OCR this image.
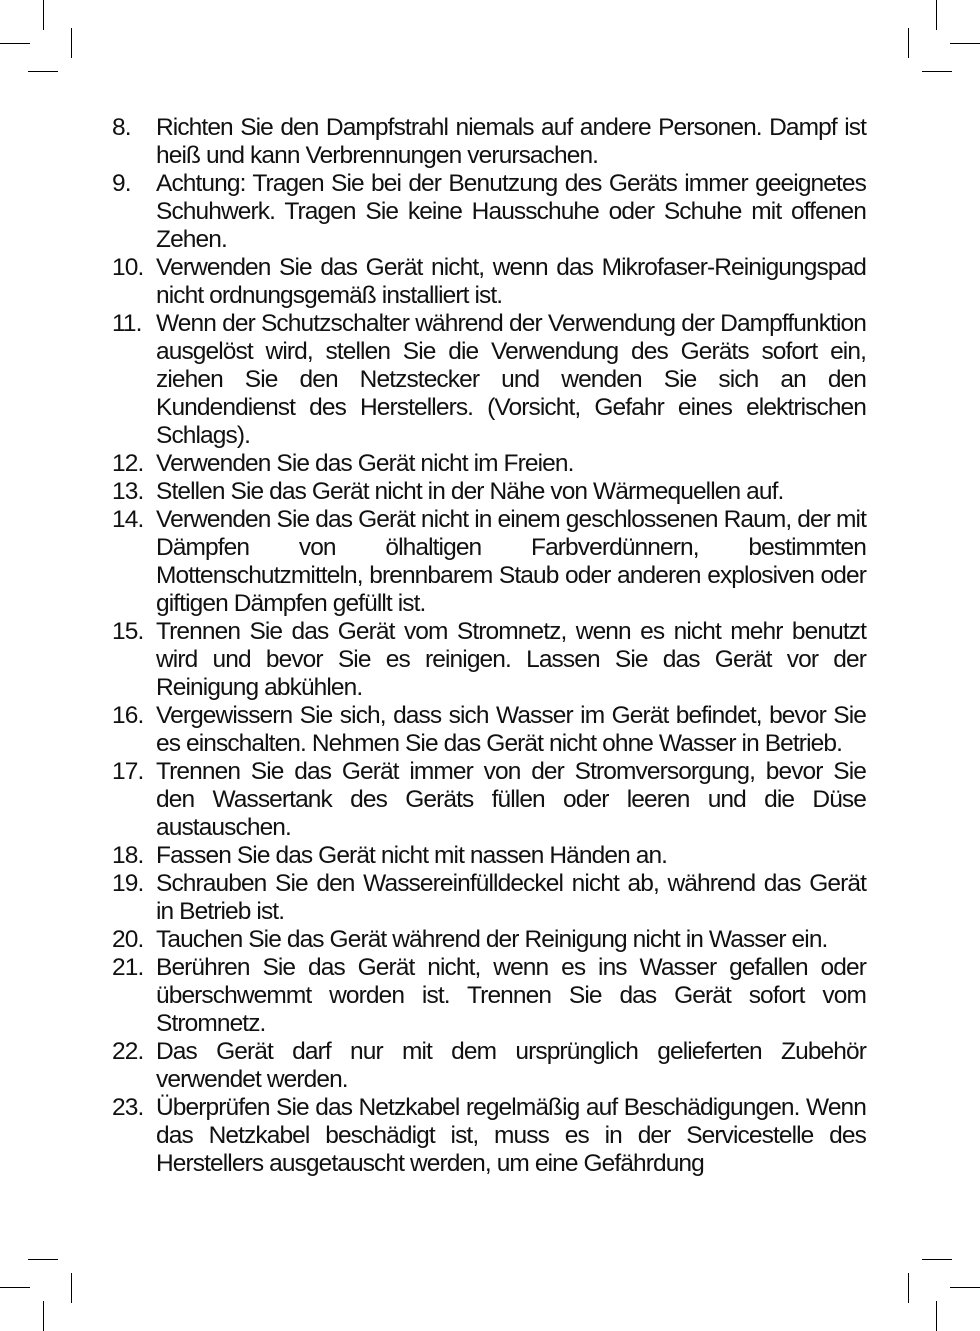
8.	Richten Sie den Dampfstrahl niemals auf andere Personen. Dampf ist heiß und kann Verbrennungen verursachen.
9.	Achtung: Tragen Sie bei der Benutzung des Geräts immer geeignetes Schuhwerk. Tragen Sie keine Hausschuhe oder Schuhe mit offenen Zehen.
10. Verwenden Sie das Gerät nicht, wenn das Mikrofaser-Reinigungspad nicht ordnungsgemäß installiert ist.
11. Wenn der Schutzschalter während der Verwendung der Dampffunktion ausgelöst wird, stellen Sie die Verwendung des Geräts sofort ein, ziehen Sie den Netzstecker und wenden Sie sich an den Kundendienst des Herstellers. (Vorsicht, Gefahr eines elektrischen Schlags).
12. Verwenden Sie das Gerät nicht im Freien.
13. Stellen Sie das Gerät nicht in der Nähe von Wärmequellen auf.
14. Verwenden Sie das Gerät nicht in einem geschlossenen Raum, der mit Dämpfen von ölhaltigen Farbverdünnern, bestimmten Mottenschutzmitteln, brennbarem Staub oder anderen explosiven oder giftigen Dämpfen gefüllt ist.
15. Trennen Sie das Gerät vom Stromnetz, wenn es nicht mehr benutzt wird und bevor Sie es reinigen. Lassen Sie das Gerät vor der Reinigung abkühlen.
16. Vergewissern Sie sich, dass sich Wasser im Gerät befindet, bevor Sie es einschalten. Nehmen Sie das Gerät nicht ohne Wasser in Betrieb.
17. Trennen Sie das Gerät immer von der Stromversorgung, bevor Sie den Wassertank des Geräts füllen oder leeren und die Düse austauschen.
18. Fassen Sie das Gerät nicht mit nassen Händen an.
19. Schrauben Sie den Wassereinfülldeckel nicht ab, während das Gerät in Betrieb ist.
20. Tauchen Sie das Gerät während der Reinigung nicht in Wasser ein.
21. Berühren Sie das Gerät nicht, wenn es ins Wasser gefallen oder überschwemmt worden ist. Trennen Sie das Gerät sofort vom Stromnetz.
22. Das Gerät darf nur mit dem ursprünglich gelieferten Zubehör verwendet werden.
23. Überprüfen Sie das Netzkabel regelmäßig auf Beschädigungen. Wenn das Netzkabel beschädigt ist, muss es in der Servicestelle des Herstellers ausgetauscht werden, um eine Gefährdung
